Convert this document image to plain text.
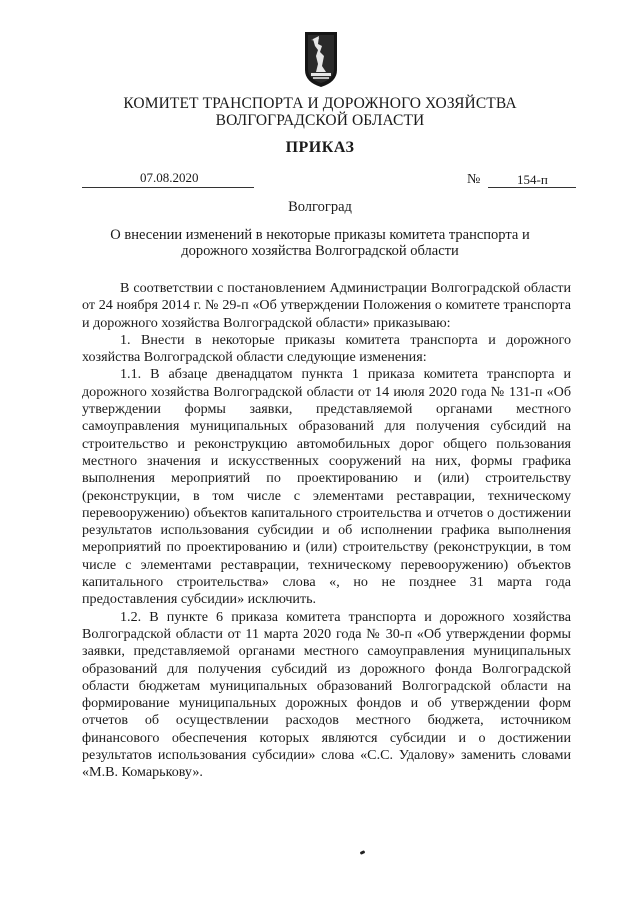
КОМИТЕТ ТРАНСПОРТА И ДОРОЖНОГО ХОЗЯЙСТВА
ВОЛГОГРАДСКОЙ ОБЛАСТИ
ПРИКАЗ
07.08.2020	№	154-п
Волгоград
О внесении изменений в некоторые приказы комитета транспорта и
дорожного хозяйства Волгоградской области

В соответствии с постановлением Администрации Волгоградской области от 24 ноября 2014 г. № 29-п «Об утверждении Положения о комитете транспорта и дорожного хозяйства Волгоградской области» приказываю:

1. Внести в некоторые приказы комитета транспорта и дорожного хозяйства Волгоградской области следующие изменения:

1.1. В абзаце двенадцатом пункта 1 приказа комитета транспорта и дорожного хозяйства Волгоградской области от 14 июля 2020 года № 131-п «Об утверждении формы заявки, представляемой органами местного самоуправления муниципальных образований для получения субсидий на строительство и реконструкцию автомобильных дорог общего пользования местного значения и искусственных сооружений на них, формы графика выполнения мероприятий по проектированию и (или) строительству (реконструкции, в том числе с элементами реставрации, техническому перевооружению) объектов капитального строительства и отчетов о достижении результатов использования субсидии и об исполнении графика выполнения мероприятий по проектированию и (или) строительству (реконструкции, в том числе с элементами реставрации, техническому перевооружению) объектов капитального строительства» слова «, но не позднее 31 марта года предоставления субсидии» исключить.

1.2. В пункте 6 приказа комитета транспорта и дорожного хозяйства Волгоградской области от 11 марта 2020 года № 30-п «Об утверждении формы заявки, представляемой органами местного самоуправления муниципальных образований для получения субсидий из дорожного фонда Волгоградской области бюджетам муниципальных образований Волгоградской области на формирование муниципальных дорожных фондов и об утверждении форм отчетов об осуществлении расходов местного бюджета, источником финансового обеспечения которых являются субсидии и о достижении результатов использования субсидии» слова «С.С. Удалову» заменить словами «М.В. Комарькову».
